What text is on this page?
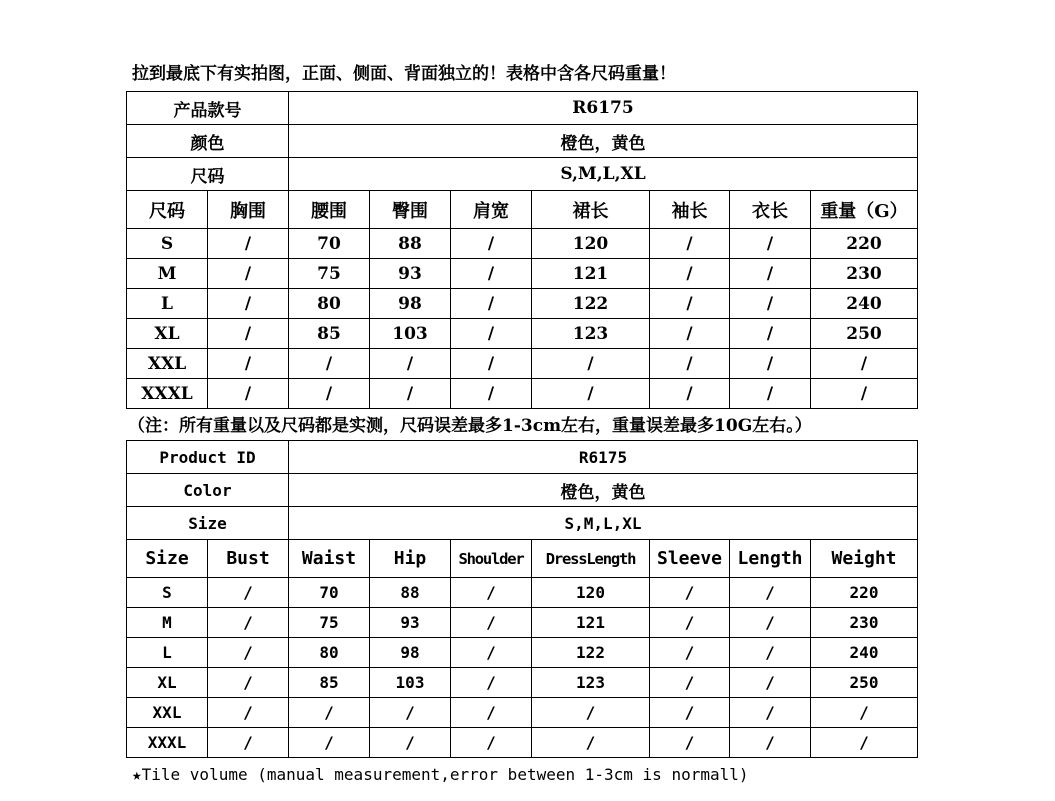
拉到最底下有实拍图，正面、侧面、背面独立的！表格中含各尺码重量！
产品款号		R6175						
颜色		橙色，黄色						
尺码		S,M,L,XL						
尺码	胸围	腰围	臀围	肩宽	裙长	袖长	衣长	重量（G）
S	/	70	88	/	120	/	/	220
M	/	75	93	/	121	/	/	230
L	/	80	98	/	122	/	/	240
XL	/	85	103	/	123	/	/	250
XXL	/	/	/	/	/	/	/	/
XXXL	/	/	/	/	/	/	/	/
（注：所有重量以及尺码都是实测，尺码误差最多1-3cm左右，重量误差最多10G左右。）
Product ID		R6175						
Color		橙色，黄色						
Size		S,M,L,XL						
Size	Bust	Waist	Hip	Shoulder	DressLength	Sleeve	Length	Weight
S	/	70	88	/	120	/	/	220
M	/	75	93	/	121	/	/	230
L	/	80	98	/	122	/	/	240
XL	/	85	103	/	123	/	/	250
XXL	/	/	/	/	/	/	/	/
XXXL	/	/	/	/	/	/	/	/
★Tile volume (manual measurement,error between 1-3cm is normall)
